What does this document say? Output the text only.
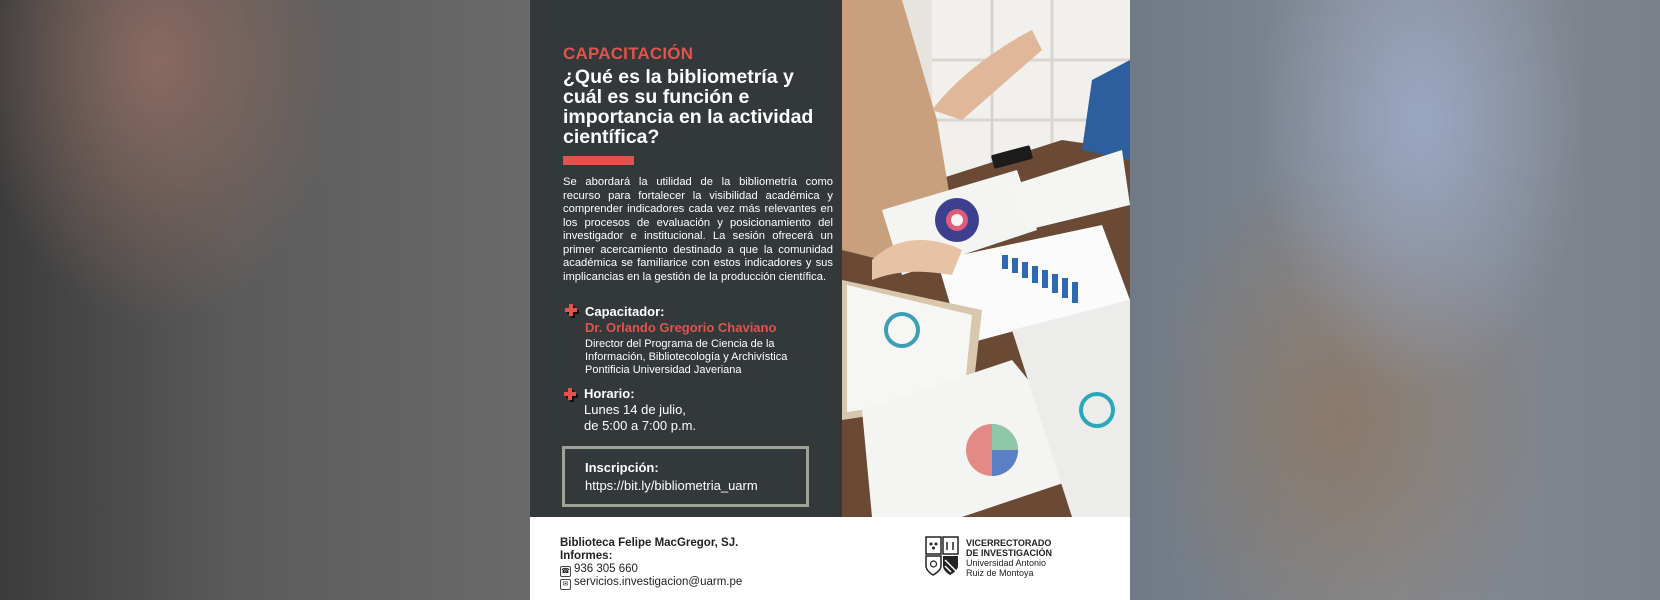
CAPACITACIÓN
¿Qué es la bibliometría y cuál es su función e importancia en la actividad científica?
Se abordará la utilidad de la bibliometría como recurso para fortalecer la visibilidad académica y comprender indicadores cada vez más relevantes en los procesos de evaluación y posicionamiento del investigador e institucional. La sesión ofrecerá un primer acercamiento destinado a que la comunidad académica se familiarice con estos indicadores y sus implicancias en la gestión de la producción científica.
Capacitador:
Dr. Orlando Gregorio Chaviano
Director del Programa de Ciencia de la
Información, Bibliotecología y Archivística
Pontificia Universidad Javeriana
Horario:
Lunes 14 de julio,
de 5:00 a 7:00 p.m.
Inscripción:
https://bit.ly/bibliometria_uarm
Biblioteca Felipe MacGregor, SJ.
Informes:
☎ 936 305 660
✉ servicios.investigacion@uarm.pe
VICERRECTORADO
DE INVESTIGACIÓN
Universidad Antonio
Ruiz de Montoya
